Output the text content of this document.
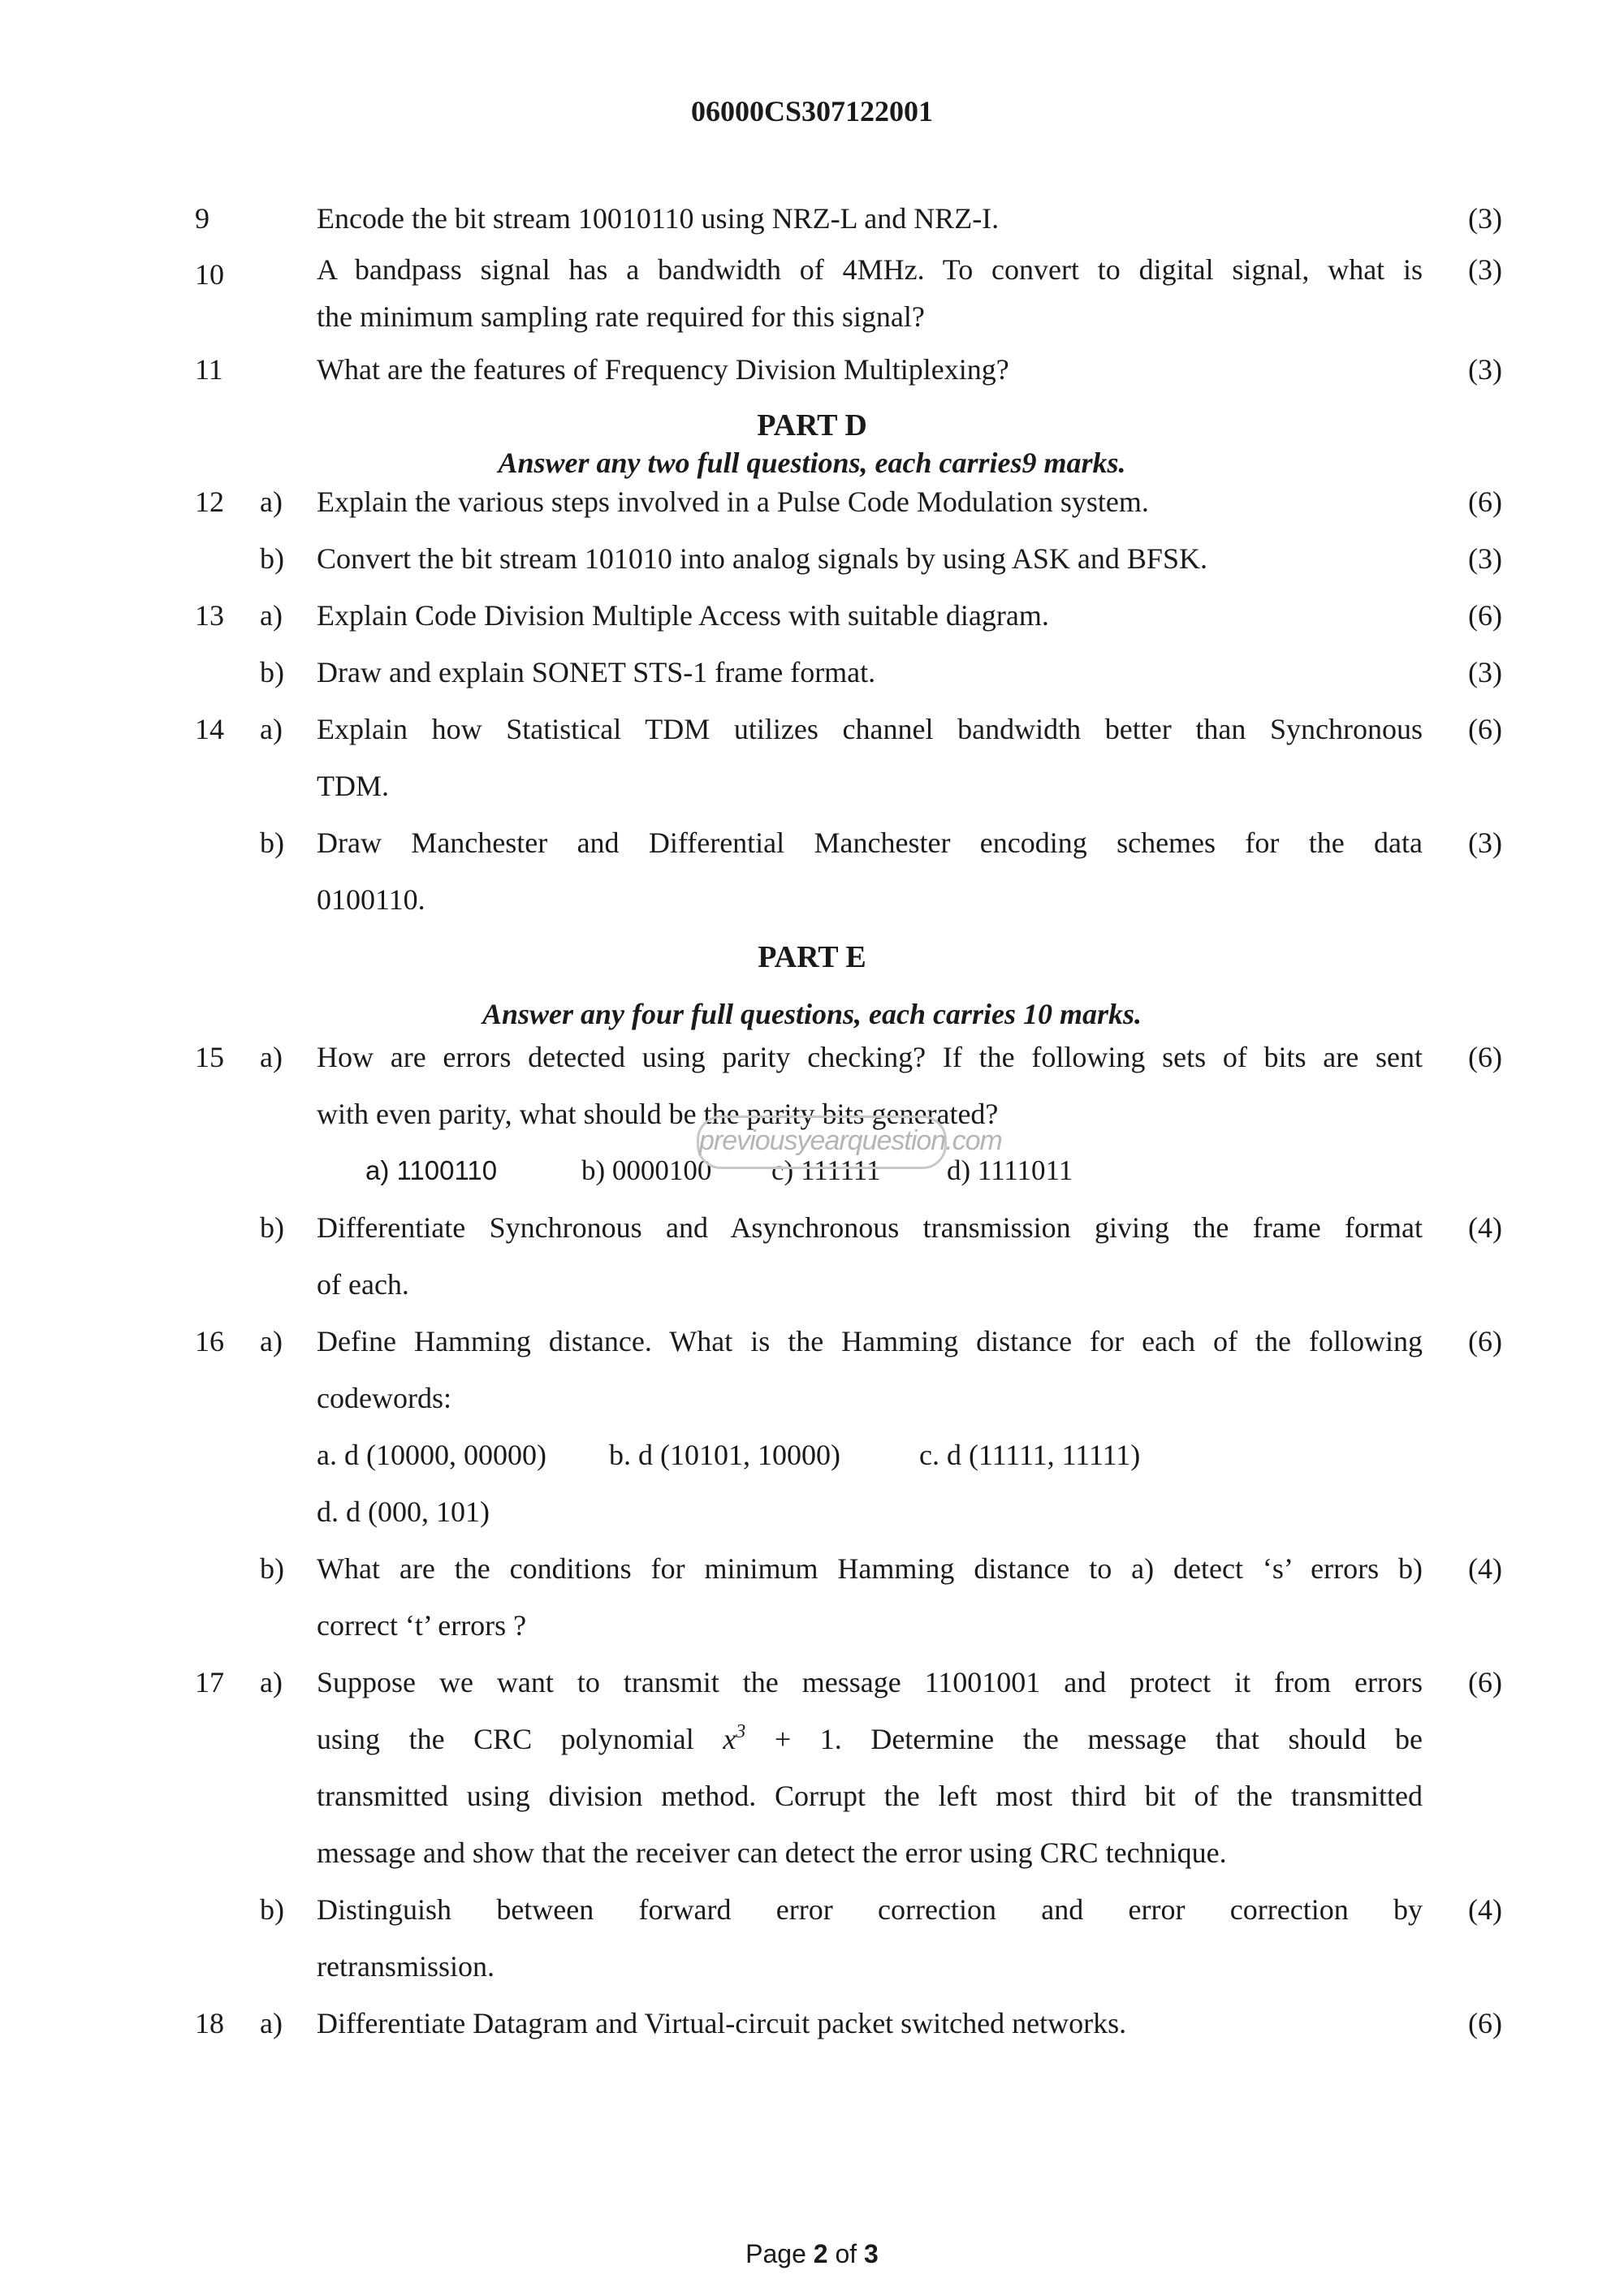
06000CS307122001
9	Encode the bit stream 10010110 using NRZ-L and NRZ-I.	(3)
10	A bandpass signal has a bandwidth of 4MHz. To convert to digital signal, what is
the minimum sampling rate required for this signal?
(3)
11	What are the features of Frequency Division Multiplexing?	(3)
PART D
Answer any two full questions, each carries9 marks.
12	a)	Explain the various steps involved in a Pulse Code Modulation system.	(6)
b)	Convert the bit stream 101010 into analog signals by using ASK and BFSK.	(3)
13	a)	Explain Code Division Multiple Access with suitable diagram.	(6)
b)	Draw and explain SONET STS-1 frame format.	(3)
14	a)	Explain how Statistical TDM utilizes channel bandwidth better than Synchronous
TDM.
(6)
b)	Draw Manchester and Differential Manchester encoding schemes for the data
0100110.
(3)
PART E
Answer any four full questions, each carries 10 marks.
15	a)	How are errors detected using parity checking? If the following sets of bits are sent
with even parity, what should be the parity bits generated?
(6)
a) 1100110	b) 0000100 c) 111111 d) 1111011
previousyearquestion.com
b)	Differentiate Synchronous and Asynchronous transmission giving the frame format
of each.
(4)
16	a)	Define Hamming distance. What is the Hamming distance for each of the following
codewords:
(6)
a. d (10000, 00000) b. d (10101, 10000)	c. d (11111, 11111)
d. d (000, 101)
b)	What are the conditions for minimum Hamming distance to a) detect ‘s’ errors b)
correct ‘t’ errors ?
(4)
17	a)	Suppose we want to transmit the message 11001001 and protect it from errors
using the CRC polynomial $x^3 + 1$. Determine the message that should be
transmitted using division method. Corrupt the left most third bit of the transmitted
message and show that the receiver can detect the error using CRC technique.
(6)
b)	Distinguish between forward error correction and error correction by
retransmission.
(4)
18	a)	Differentiate Datagram and Virtual-circuit packet switched networks.	(6)
Page 2 of 3
